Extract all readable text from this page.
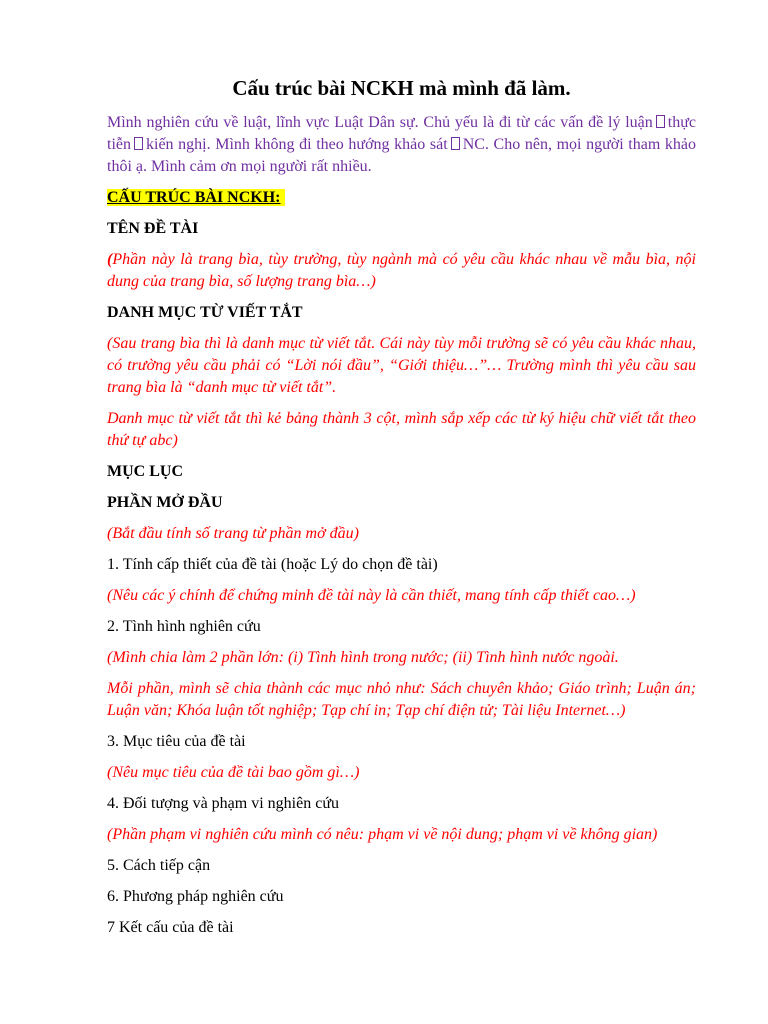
Cấu trúc bài NCKH mà mình đã làm.

Mình nghiên cứu về luật, lĩnh vực Luật Dân sự. Chủ yếu là đi từ các vấn đề lý luận thực tiễn kiến nghị. Mình không đi theo hướng khảo sát NC. Cho nên, mọi người tham khảo thôi ạ. Mình cảm ơn mọi người rất nhiều.

CẤU TRÚC BÀI NCKH:

TÊN ĐỀ TÀI

(Phần này là trang bìa, tùy trường, tùy ngành mà có yêu cầu khác nhau về mẫu bìa, nội dung của trang bìa, số lượng trang bìa…)

DANH MỤC TỪ VIẾT TẮT

(Sau trang bìa thì là danh mục từ viết tắt. Cái này tùy mỗi trường sẽ có yêu cầu khác nhau, có trường yêu cầu phải có “Lời nói đầu”, “Giới thiệu…”… Trường mình thì yêu cầu sau trang bìa là “danh mục từ viết tắt”.

Danh mục từ viết tắt thì kẻ bảng thành 3 cột, mình sắp xếp các từ ký hiệu chữ viết tắt theo thứ tự abc)

MỤC LỤC

PHẦN MỞ ĐẦU

(Bắt đầu tính số trang từ phần mở đầu)

1. Tính cấp thiết của đề tài (hoặc Lý do chọn đề tài)

(Nêu các ý chính để chứng minh đề tài này là cần thiết, mang tính cấp thiết cao…)

2. Tình hình nghiên cứu

(Mình chia làm 2 phần lớn: (i) Tình hình trong nước; (ii) Tình hình nước ngoài.

Mỗi phần, mình sẽ chia thành các mục nhỏ như: Sách chuyên khảo; Giáo trình; Luận án; Luận văn; Khóa luận tốt nghiệp; Tạp chí in; Tạp chí điện tử; Tài liệu Internet…)

3. Mục tiêu của đề tài

(Nêu mục tiêu của đề tài bao gồm gì…)

4. Đối tượng và phạm vi nghiên cứu

(Phần phạm vi nghiên cứu mình có nêu: phạm vi về nội dung; phạm vi về không gian)

5. Cách tiếp cận

6. Phương pháp nghiên cứu

7 Kết cấu của đề tài
